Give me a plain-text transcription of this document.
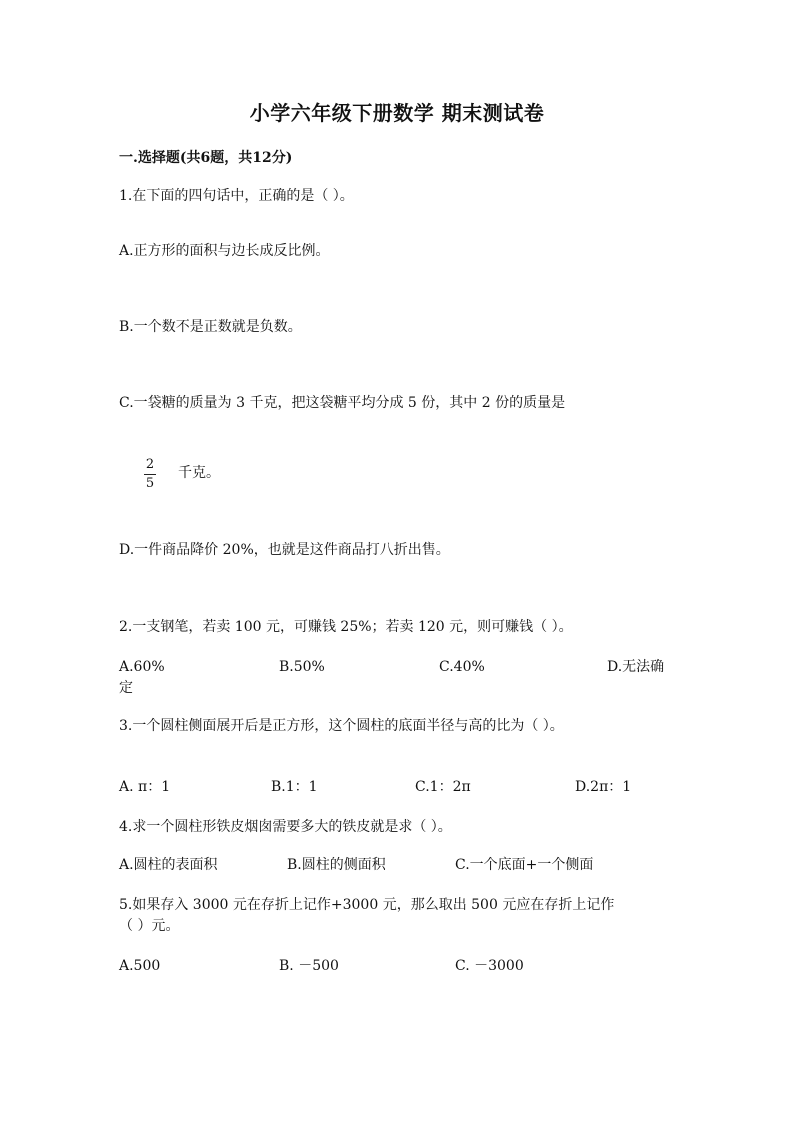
小学六年级下册数学 期末测试卷
一.选择题(共6题，共12分)
1.在下面的四句话中，正确的是（ ）。
A.正方形的面积与边长成反比例。
B.一个数不是正数就是负数。
C.一袋糖的质量为 3 千克，把这袋糖平均分成 5 份，其中 2 份的质量是
2
5
千克。
D.一件商品降价 20%，也就是这件商品打八折出售。
2.一支钢笔，若卖 100 元，可赚钱 25%；若卖 120 元，则可赚钱（ ）。
A.60%	B.50%	C.40%	D.无法确
定
3.一个圆柱侧面展开后是正方形，这个圆柱的底面半径与高的比为（ ）。
A. π：1	B.1：1	C.1：2π	D.2π：1
4.求一个圆柱形铁皮烟囱需要多大的铁皮就是求（ ）。
A.圆柱的表面积	B.圆柱的侧面积	C.一个底面+一个侧面
5.如果存入 3000 元在存折上记作+3000 元，那么取出 500 元应在存折上记作
（ ）元。
A.500	B. －500	C. －3000
